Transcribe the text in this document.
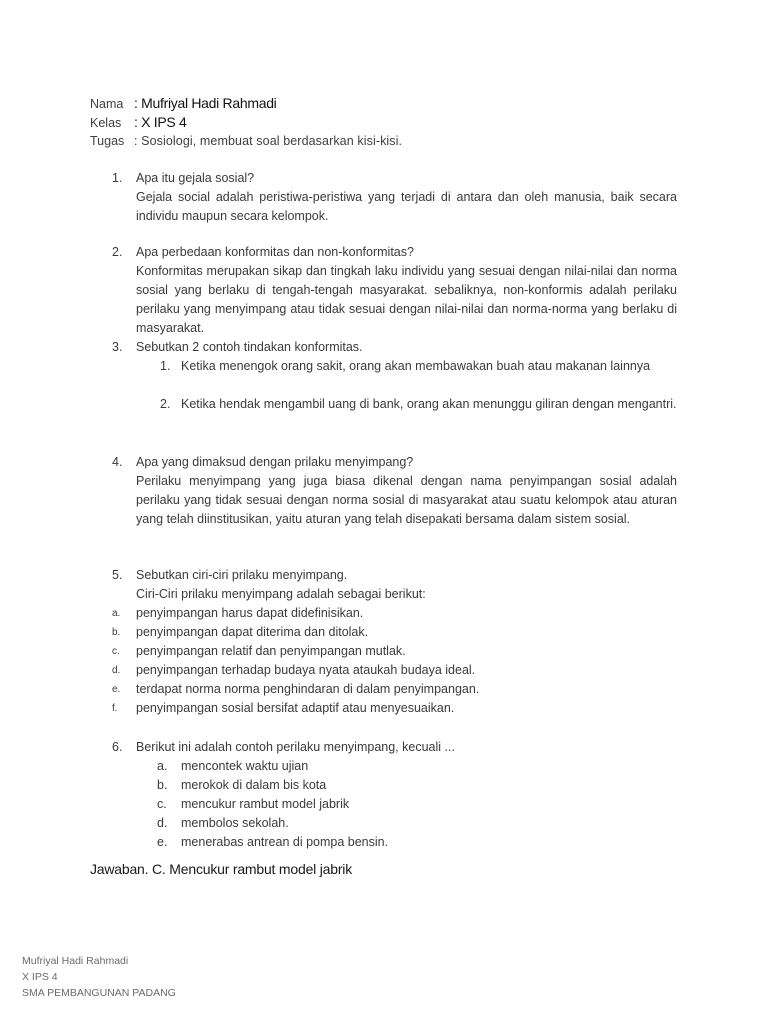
Nama : Mufriyal Hadi Rahmadi
Kelas : X IPS 4
Tugas : Sosiologi, membuat soal berdasarkan kisi-kisi.
1. Apa itu gejala sosial?
Gejala social adalah peristiwa-peristiwa yang terjadi di antara dan oleh manusia, baik secara individu maupun secara kelompok.
2. Apa perbedaan konformitas dan non-konformitas?
Konformitas merupakan sikap dan tingkah laku individu yang sesuai dengan nilai-nilai dan norma sosial yang berlaku di tengah-tengah masyarakat. sebaliknya, non-konformis adalah perilaku perilaku yang menyimpang atau tidak sesuai dengan nilai-nilai dan norma-norma yang berlaku di masyarakat.
3. Sebutkan 2 contoh tindakan konformitas.
1. Ketika menengok orang sakit, orang akan membawakan buah atau makanan lainnya
2. Ketika hendak mengambil uang di bank, orang akan menunggu giliran dengan mengantri.
4. Apa yang dimaksud dengan prilaku menyimpang?
Perilaku menyimpang yang juga biasa dikenal dengan nama penyimpangan sosial adalah perilaku yang tidak sesuai dengan norma sosial di masyarakat atau suatu kelompok atau aturan yang telah diinstitusikan, yaitu aturan yang telah disepakati bersama dalam sistem sosial.
5. Sebutkan ciri-ciri prilaku menyimpang.
Ciri-Ciri prilaku menyimpang adalah sebagai berikut:
a. penyimpangan harus dapat didefinisikan.
b. penyimpangan dapat diterima dan ditolak.
c. penyimpangan relatif dan penyimpangan mutlak.
d. penyimpangan terhadap budaya nyata ataukah budaya ideal.
e. terdapat norma norma penghindaran di dalam penyimpangan.
f. penyimpangan sosial bersifat adaptif atau menyesuaikan.
6. Berikut ini adalah contoh perilaku menyimpang, kecuali ...
a. mencontek waktu ujian
b. merokok di dalam bis kota
c. mencukur rambut model jabrik
d. membolos sekolah.
e. menerabas antrean di pompa bensin.
Jawaban. C. Mencukur rambut model jabrik
Mufriyal Hadi Rahmadi
X IPS 4
SMA PEMBANGUNAN PADANG
